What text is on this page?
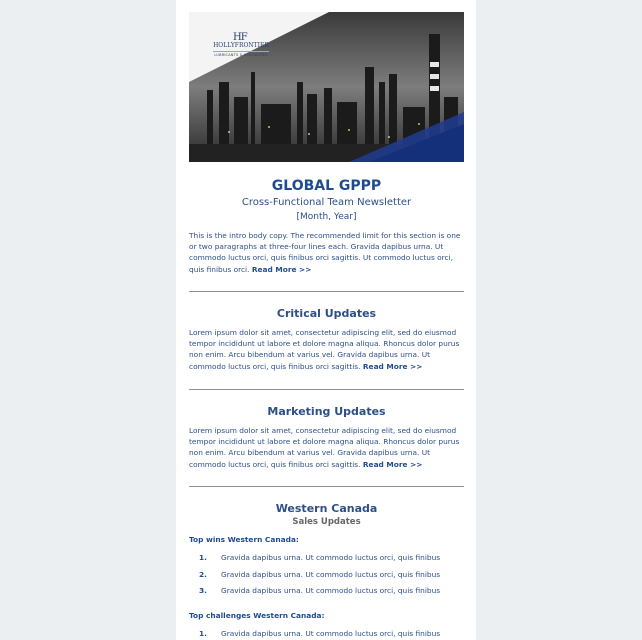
HF
HOLLYFRONTIER
LUBRICANTS & SPECIALTIES
GLOBAL GPPP
Cross-Functional Team Newsletter
[Month, Year]
This is the intro body copy. The recommended limit for this section is one or two paragraphs at three-four lines each. Gravida dapibus urna. Ut commodo luctus orci, quis finibus orci sagittis. Ut commodo luctus orci, quis finibus orci. Read More >>
Critical Updates
Lorem ipsum dolor sit amet, consectetur adipiscing elit, sed do eiusmod tempor incididunt ut labore et dolore magna aliqua. Rhoncus dolor purus non enim. Arcu bibendum at varius vel. Gravida dapibus urna. Ut commodo luctus orci, quis finibus orci sagittis. Read More >>
Marketing Updates
Lorem ipsum dolor sit amet, consectetur adipiscing elit, sed do eiusmod tempor incididunt ut labore et dolore magna aliqua. Rhoncus dolor purus non enim. Arcu bibendum at varius vel. Gravida dapibus urna. Ut commodo luctus orci, quis finibus orci sagittis. Read More >>
Western Canada
Sales Updates
Top wins Western Canada:
1. Gravida dapibus urna. Ut commodo luctus orci, quis finibus
2. Gravida dapibus urna. Ut commodo luctus orci, quis finibus
3. Gravida dapibus urna. Ut commodo luctus orci, quis finibus
Top challenges Western Canada:
1. Gravida dapibus urna. Ut commodo luctus orci, quis finibus
